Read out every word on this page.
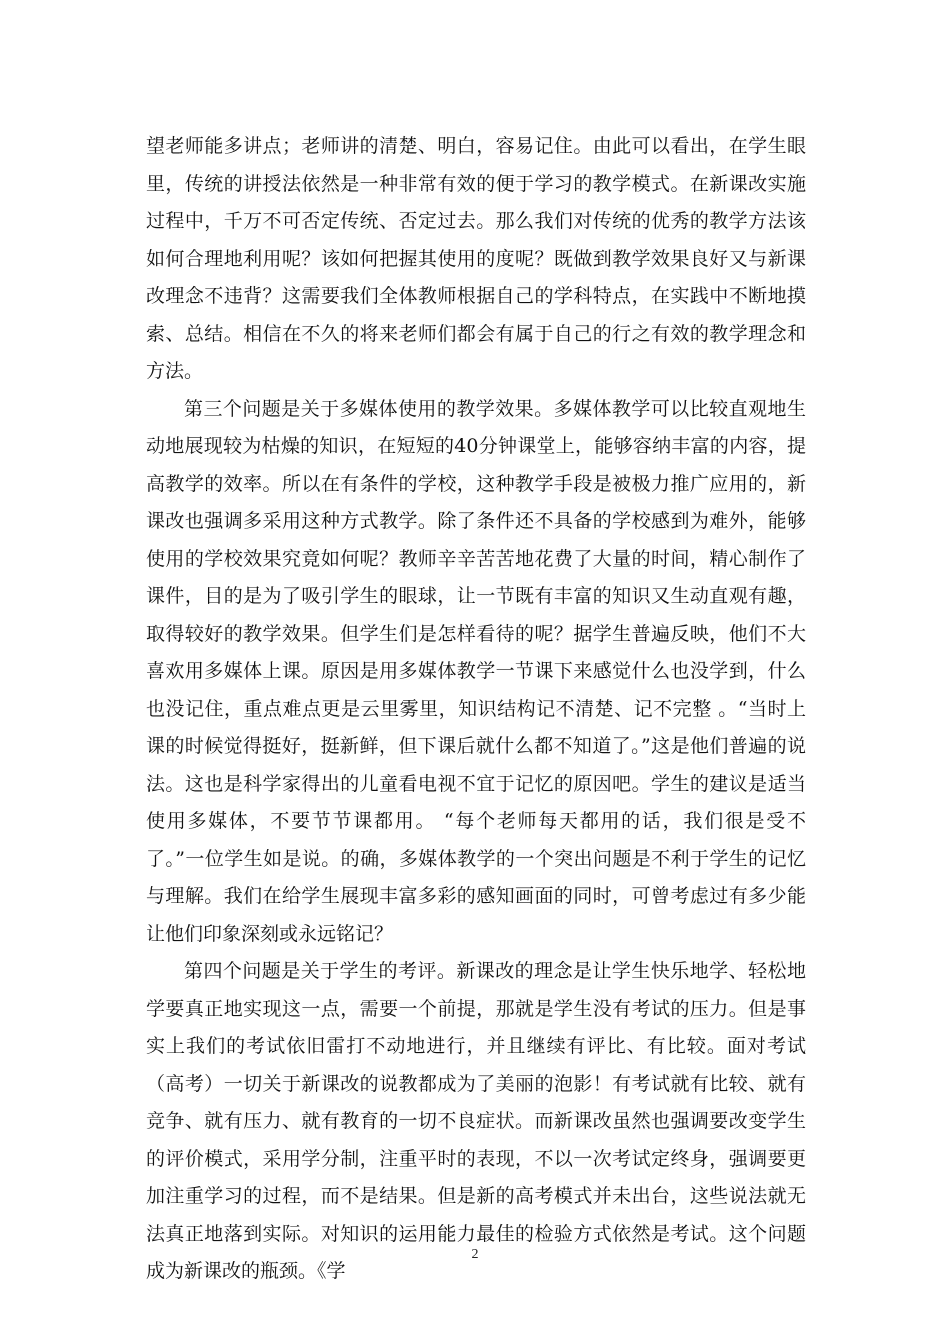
望老师能多讲点；老师讲的清楚、明白，容易记住。由此可以看出，在学生眼里，传统的讲授法依然是一种非常有效的便于学习的教学模式。在新课改实施过程中，千万不可否定传统、否定过去。那么我们对传统的优秀的教学方法该如何合理地利用呢？该如何把握其使用的度呢？既做到教学效果良好又与新课改理念不违背？这需要我们全体教师根据自己的学科特点，在实践中不断地摸索、总结。相信在不久的将来老师们都会有属于自己的行之有效的教学理念和方法。

第三个问题是关于多媒体使用的教学效果。多媒体教学可以比较直观地生动地展现较为枯燥的知识，在短短的40分钟课堂上，能够容纳丰富的内容，提高教学的效率。所以在有条件的学校，这种教学手段是被极力推广应用的，新课改也强调多采用这种方式教学。除了条件还不具备的学校感到为难外，能够使用的学校效果究竟如何呢？教师辛辛苦苦地花费了大量的时间，精心制作了课件，目的是为了吸引学生的眼球，让一节既有丰富的知识又生动直观有趣，取得较好的教学效果。但学生们是怎样看待的呢？据学生普遍反映，他们不大喜欢用多媒体上课。原因是用多媒体教学一节课下来感觉什么也没学到，什么也没记住，重点难点更是云里雾里，知识结构记不清楚、记不完整 。“当时上课的时候觉得挺好，挺新鲜，但下课后就什么都不知道了。”这是他们普遍的说法。这也是科学家得出的儿童看电视不宜于记忆的原因吧。学生的建议是适当使用多媒体，不要节节课都用。 “每个老师每天都用的话，我们很是受不了。”一位学生如是说。的确，多媒体教学的一个突出问题是不利于学生的记忆与理解。我们在给学生展现丰富多彩的感知画面的同时，可曾考虑过有多少能让他们印象深刻或永远铭记？

第四个问题是关于学生的考评。新课改的理念是让学生快乐地学、轻松地学要真正地实现这一点，需要一个前提，那就是学生没有考试的压力。但是事实上我们的考试依旧雷打不动地进行，并且继续有评比、有比较。面对考试（高考）一切关于新课改的说教都成为了美丽的泡影！有考试就有比较、就有竞争、就有压力、就有教育的一切不良症状。而新课改虽然也强调要改变学生的评价模式，采用学分制，注重平时的表现，不以一次考试定终身，强调要更加注重学习的过程，而不是结果。但是新的高考模式并未出台，这些说法就无法真正地落到实际。对知识的运用能力最佳的检验方式依然是考试。这个问题成为新课改的瓶颈。《学

2
